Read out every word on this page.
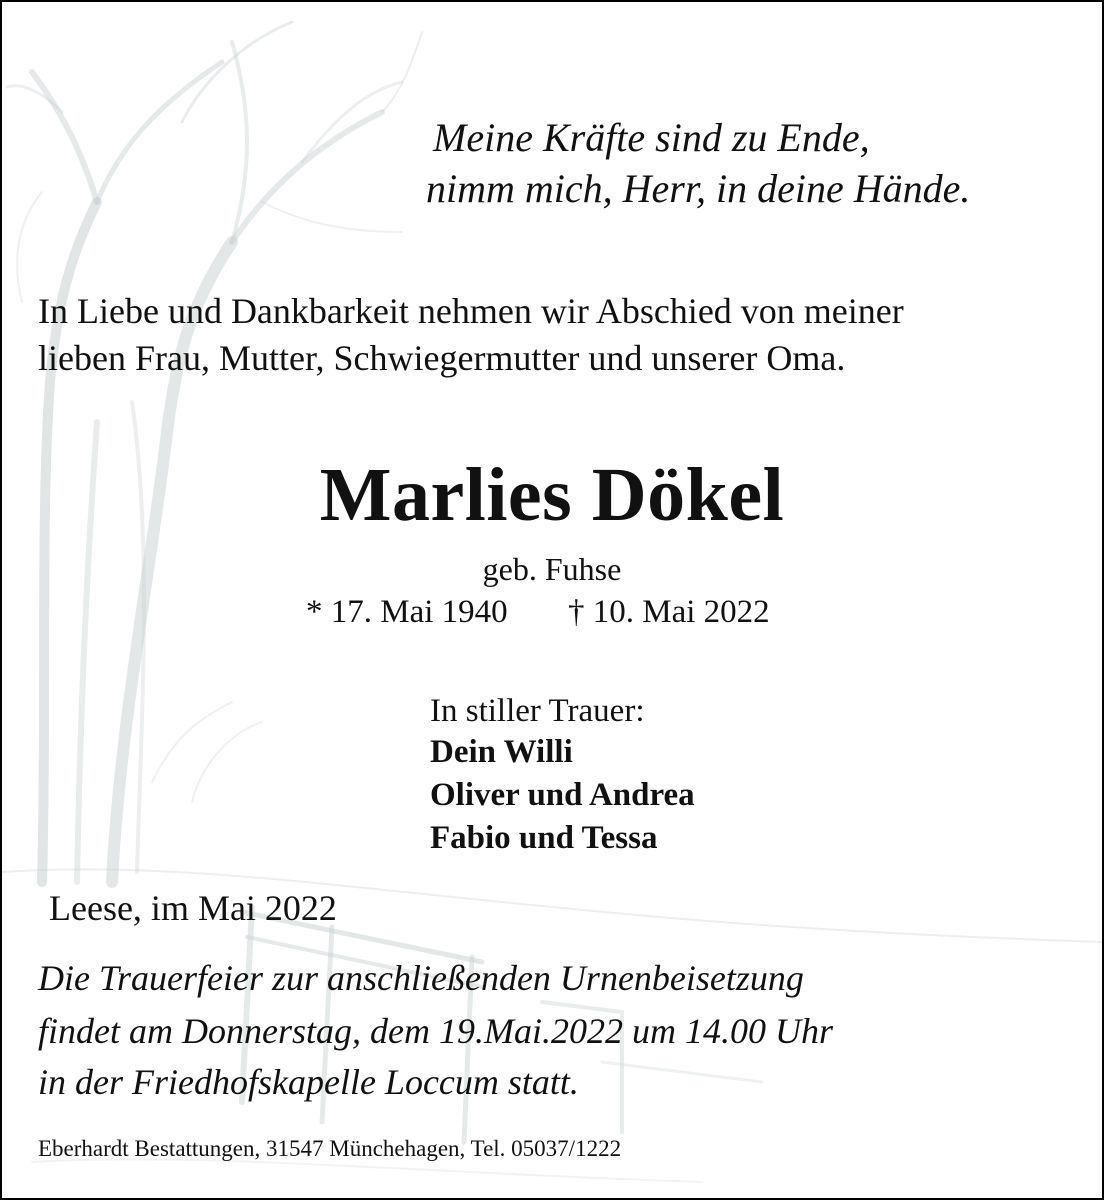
Meine Kräfte sind zu Ende,
nimm mich, Herr, in deine Hände.
In Liebe und Dankbarkeit nehmen wir Abschied von meiner
lieben Frau, Mutter, Schwiegermutter und unserer Oma.
Marlies Dökel
geb. Fuhse
* 17. Mai 1940 † 10. Mai 2022
In stiller Trauer:
Dein Willi
Oliver und Andrea
Fabio und Tessa
Leese, im Mai 2022
Die Trauerfeier zur anschließenden Urnenbeisetzung
findet am Donnerstag, dem 19.Mai.2022 um 14.00 Uhr
in der Friedhofskapelle Loccum statt.
Eberhardt Bestattungen, 31547 Münchehagen, Tel. 05037/1222
